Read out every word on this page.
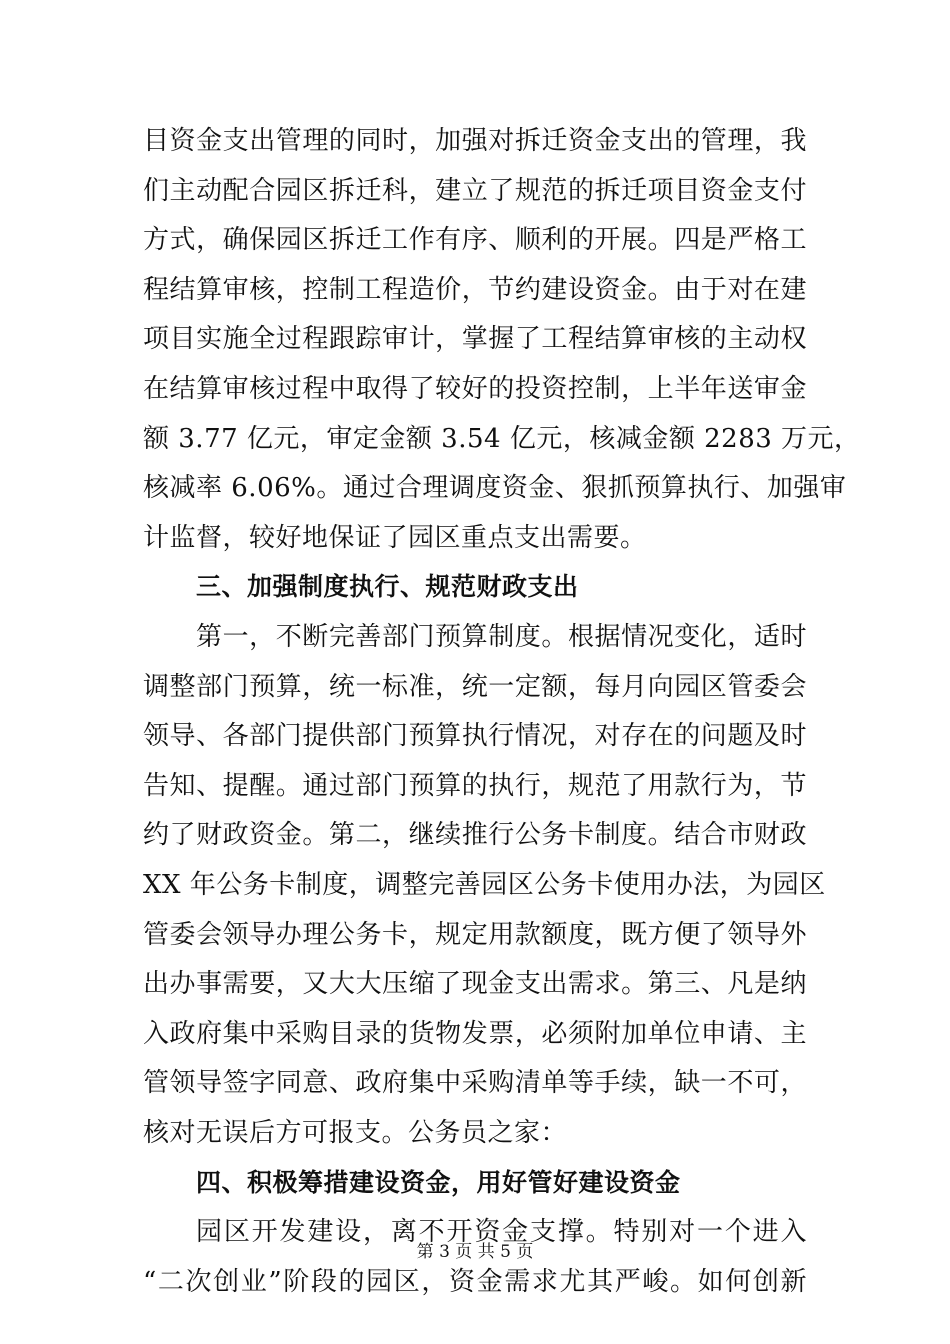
目资金支出管理的同时，加强对拆迁资金支出的管理，我
们主动配合园区拆迁科，建立了规范的拆迁项目资金支付
方式，确保园区拆迁工作有序、顺利的开展。四是严格工
程结算审核，控制工程造价，节约建设资金。由于对在建
项目实施全过程跟踪审计，掌握了工程结算审核的主动权
在结算审核过程中取得了较好的投资控制，上半年送审金
额 3.77 亿元，审定金额 3.54 亿元，核减金额 2283 万元，
核减率 6.06%。通过合理调度资金、狠抓预算执行、加强审
计监督，较好地保证了园区重点支出需要。
三、加强制度执行、规范财政支出
第一，不断完善部门预算制度。根据情况变化，适时
调整部门预算，统一标准，统一定额，每月向园区管委会
领导、各部门提供部门预算执行情况，对存在的问题及时
告知、提醒。通过部门预算的执行，规范了用款行为，节
约了财政资金。第二，继续推行公务卡制度。结合市财政
XX 年公务卡制度，调整完善园区公务卡使用办法，为园区
管委会领导办理公务卡，规定用款额度，既方便了领导外
出办事需要，又大大压缩了现金支出需求。第三、凡是纳
入政府集中采购目录的货物发票，必须附加单位申请、主
管领导签字同意、政府集中采购清单等手续，缺一不可，
核对无误后方可报支。公务员之家：
四、积极筹措建设资金，用好管好建设资金
园区开发建设，离不开资金支撑。特别对一个进入
“二次创业”阶段的园区，资金需求尤其严峻。如何创新
第 3 页 共 5 页
